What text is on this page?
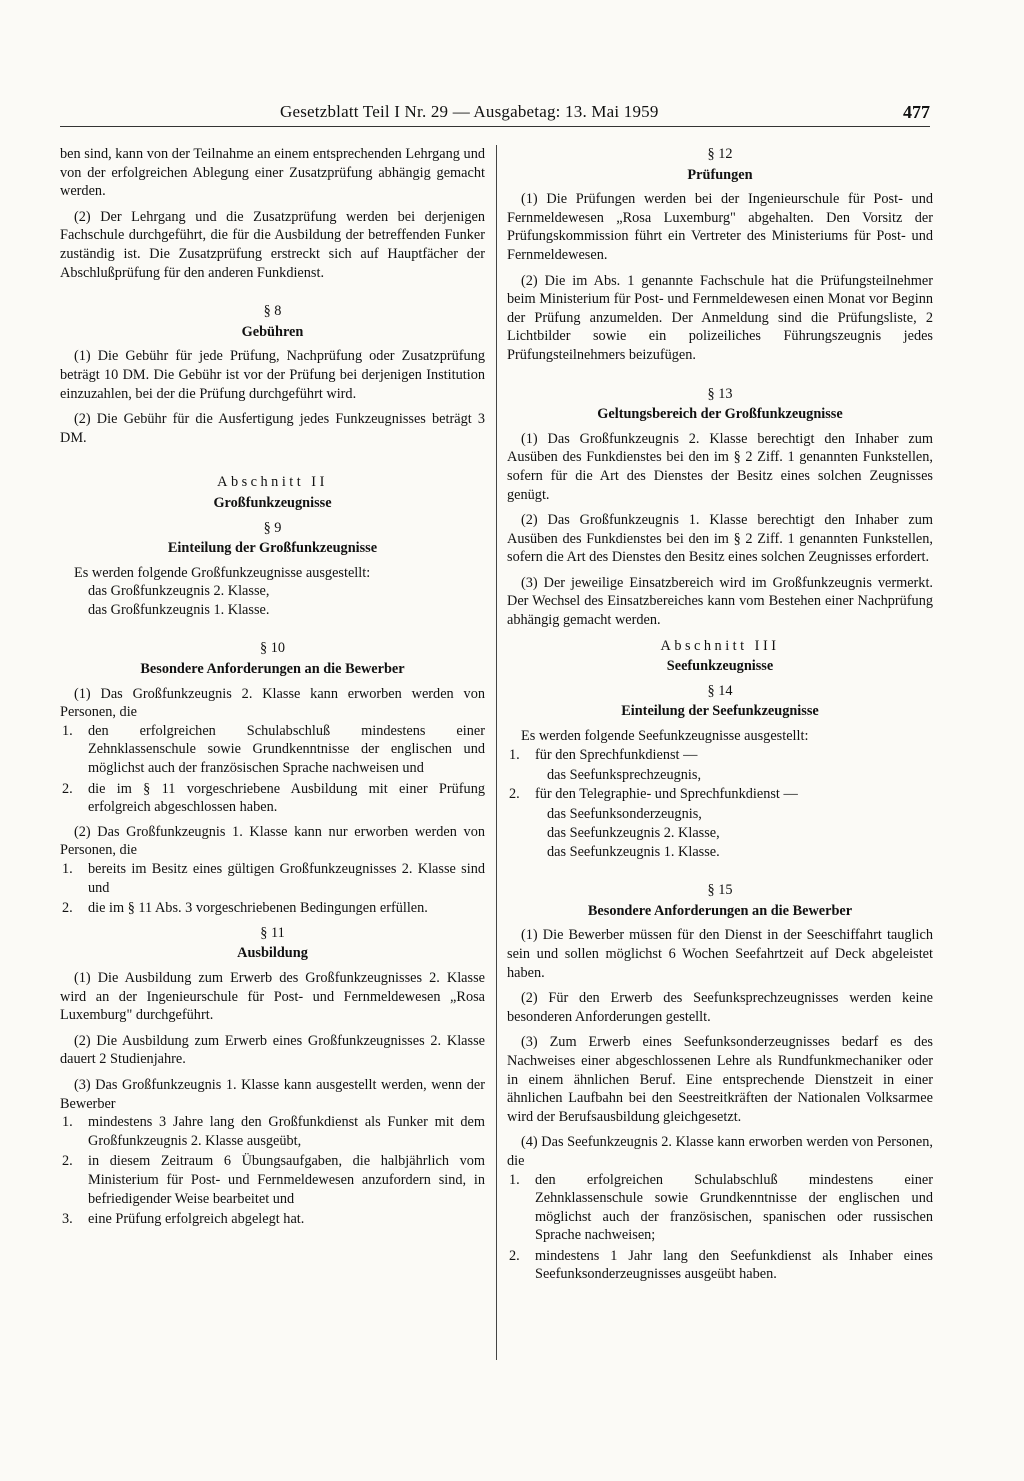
Gesetzblatt Teil I Nr. 29 — Ausgabetag: 13. Mai 1959	477

ben sind, kann von der Teilnahme an einem entsprechenden Lehrgang und von der erfolgreichen Ablegung einer Zusatzprüfung abhängig gemacht werden.

(2) Der Lehrgang und die Zusatzprüfung werden bei derjenigen Fachschule durchgeführt, die für die Ausbildung der betreffenden Funker zuständig ist. Die Zusatzprüfung erstreckt sich auf Hauptfächer der Abschlußprüfung für den anderen Funkdienst.

§ 8
Gebühren

(1) Die Gebühr für jede Prüfung, Nachprüfung oder Zusatzprüfung beträgt 10 DM. Die Gebühr ist vor der Prüfung bei derjenigen Institution einzuzahlen, bei der die Prüfung durchgeführt wird.

(2) Die Gebühr für die Ausfertigung jedes Funkzeugnisses beträgt 3 DM.

Abschnitt II
Großfunkzeugnisse
§ 9
Einteilung der Großfunkzeugnisse

Es werden folgende Großfunkzeugnisse ausgestellt:

das Großfunkzeugnis 2. Klasse,
das Großfunkzeugnis 1. Klasse.
§ 10
Besondere Anforderungen an die Bewerber

(1) Das Großfunkzeugnis 2. Klasse kann erworben werden von Personen, die

1.	den erfolgreichen Schulabschluß mindestens einer Zehnklassenschule sowie Grundkenntnisse der englischen und möglichst auch der französischen Sprache nachweisen und
2.	die im § 11 vorgeschriebene Ausbildung mit einer Prüfung erfolgreich abgeschlossen haben.

(2) Das Großfunkzeugnis 1. Klasse kann nur erworben werden von Personen, die

1.	bereits im Besitz eines gültigen Großfunkzeugnisses 2. Klasse sind und
2.	die im § 11 Abs. 3 vorgeschriebenen Bedingungen erfüllen.
§ 11
Ausbildung

(1) Die Ausbildung zum Erwerb des Großfunkzeugnisses 2. Klasse wird an der Ingenieurschule für Post- und Fernmeldewesen „Rosa Luxemburg" durchgeführt.

(2) Die Ausbildung zum Erwerb eines Großfunkzeugnisses 2. Klasse dauert 2 Studienjahre.

(3) Das Großfunkzeugnis 1. Klasse kann ausgestellt werden, wenn der Bewerber

1.	mindestens 3 Jahre lang den Großfunkdienst als Funker mit dem Großfunkzeugnis 2. Klasse ausgeübt,
2.	in diesem Zeitraum 6 Übungsaufgaben, die halbjährlich vom Ministerium für Post- und Fernmeldewesen anzufordern sind, in befriedigender Weise bearbeitet und
3.	eine Prüfung erfolgreich abgelegt hat.
§ 12
Prüfungen

(1) Die Prüfungen werden bei der Ingenieurschule für Post- und Fernmeldewesen „Rosa Luxemburg" abgehalten. Den Vorsitz der Prüfungskommission führt ein Vertreter des Ministeriums für Post- und Fernmeldewesen.

(2) Die im Abs. 1 genannte Fachschule hat die Prüfungsteilnehmer beim Ministerium für Post- und Fernmeldewesen einen Monat vor Beginn der Prüfung anzumelden. Der Anmeldung sind die Prüfungsliste, 2 Lichtbilder sowie ein polizeiliches Führungszeugnis jedes Prüfungsteilnehmers beizufügen.

§ 13
Geltungsbereich der Großfunkzeugnisse

(1) Das Großfunkzeugnis 2. Klasse berechtigt den Inhaber zum Ausüben des Funkdienstes bei den im § 2 Ziff. 1 genannten Funkstellen, sofern für die Art des Dienstes der Besitz eines solchen Zeugnisses genügt.

(2) Das Großfunkzeugnis 1. Klasse berechtigt den Inhaber zum Ausüben des Funkdienstes bei den im § 2 Ziff. 1 genannten Funkstellen, sofern die Art des Dienstes den Besitz eines solchen Zeugnisses erfordert.

(3) Der jeweilige Einsatzbereich wird im Großfunkzeugnis vermerkt. Der Wechsel des Einsatzbereiches kann vom Bestehen einer Nachprüfung abhängig gemacht werden.

Abschnitt III
Seefunkzeugnisse
§ 14
Einteilung der Seefunkzeugnisse

Es werden folgende Seefunkzeugnisse ausgestellt:

1.	für den Sprechfunkdienst —
das Seefunksprechzeugnis,
2.	für den Telegraphie- und Sprechfunkdienst —
das Seefunksonderzeugnis,
das Seefunkzeugnis 2. Klasse,
das Seefunkzeugnis 1. Klasse.
§ 15
Besondere Anforderungen an die Bewerber

(1) Die Bewerber müssen für den Dienst in der Seeschiffahrt tauglich sein und sollen möglichst 6 Wochen Seefahrtzeit auf Deck abgeleistet haben.

(2) Für den Erwerb des Seefunksprechzeugnisses werden keine besonderen Anforderungen gestellt.

(3) Zum Erwerb eines Seefunksonderzeugnisses bedarf es des Nachweises einer abgeschlossenen Lehre als Rundfunkmechaniker oder in einem ähnlichen Beruf. Eine entsprechende Dienstzeit in einer ähnlichen Laufbahn bei den Seestreitkräften der Nationalen Volksarmee wird der Berufsausbildung gleichgesetzt.

(4) Das Seefunkzeugnis 2. Klasse kann erworben werden von Personen, die

1.	den erfolgreichen Schulabschluß mindestens einer Zehnklassenschule sowie Grundkenntnisse der englischen und möglichst auch der französischen, spanischen oder russischen Sprache nachweisen;
2.	mindestens 1 Jahr lang den Seefunkdienst als Inhaber eines Seefunksonderzeugnisses ausgeübt haben.
